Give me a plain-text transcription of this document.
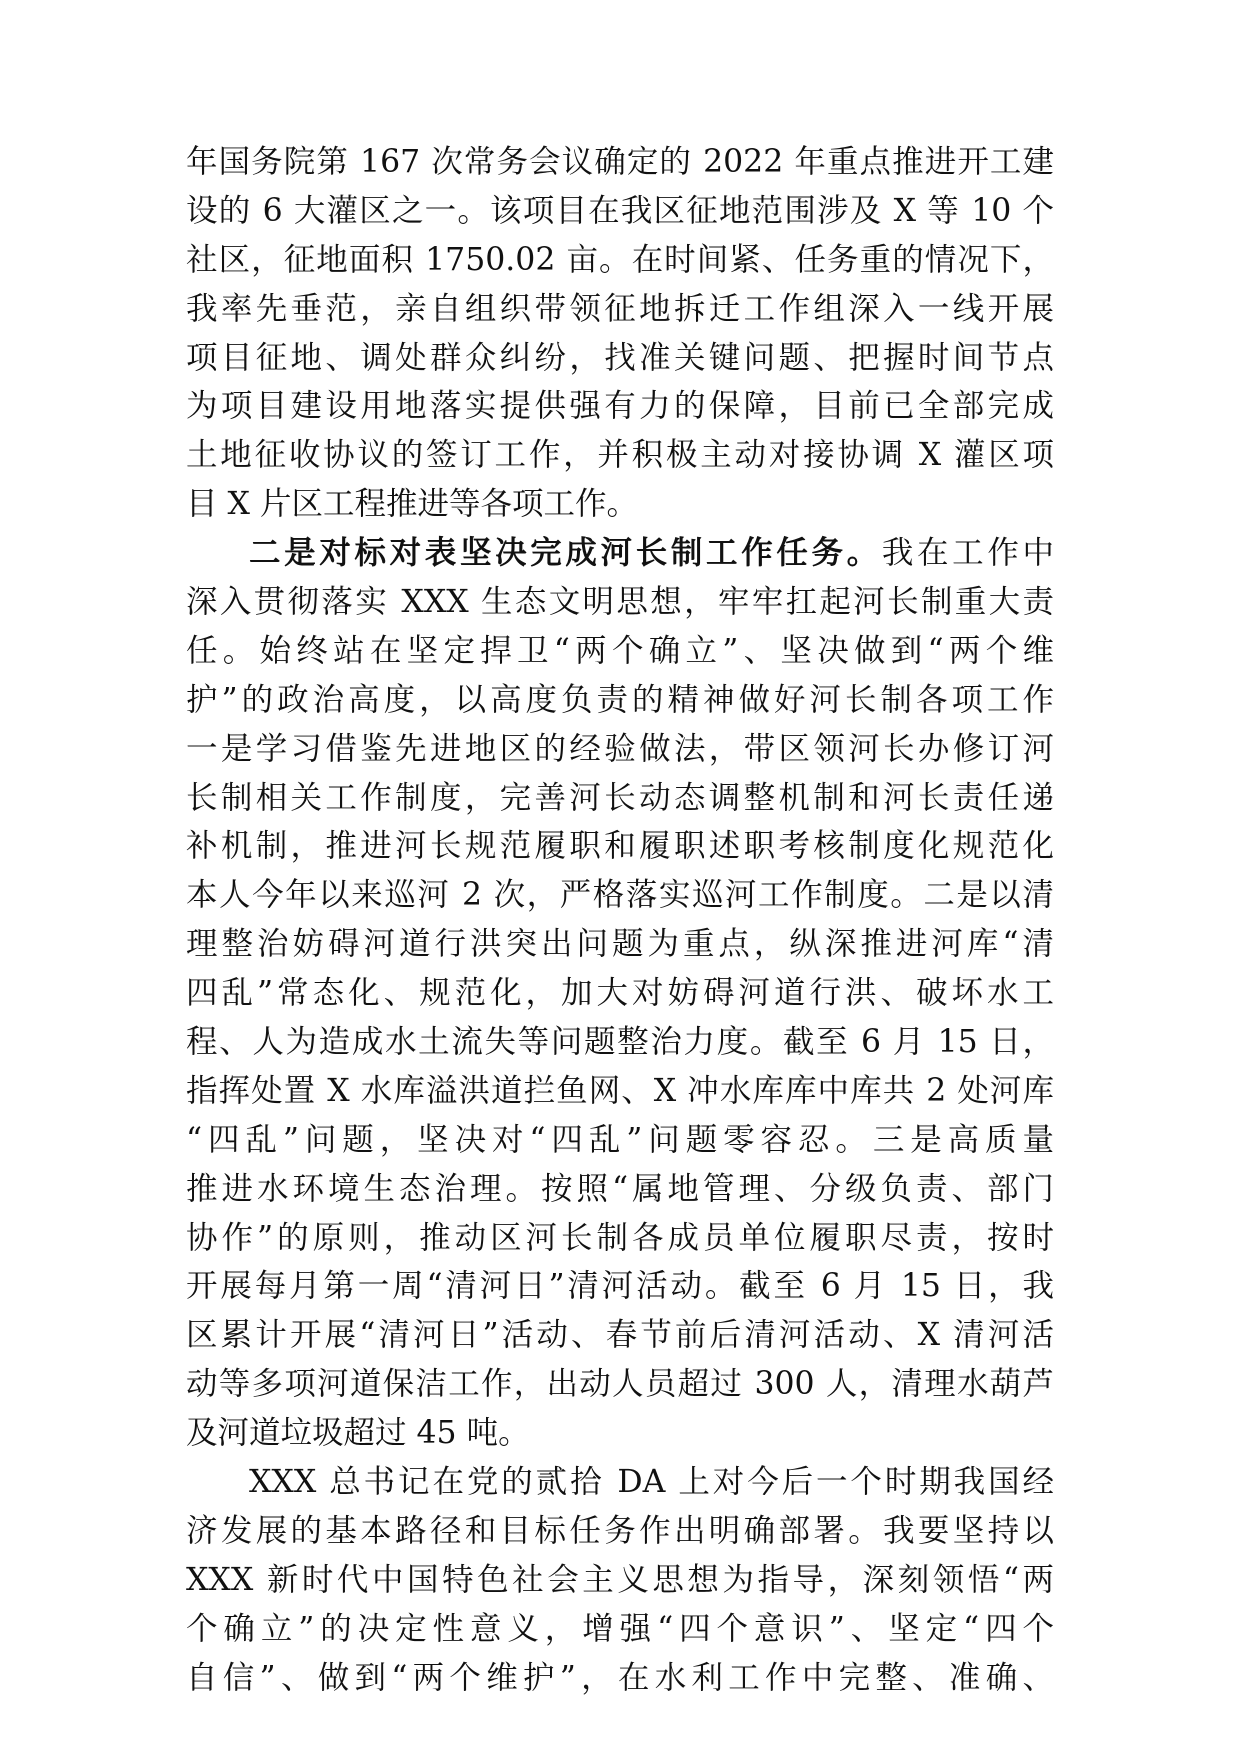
年国务院第 167 次常务会议确定的 2022 年重点推进开工建
设的 6 大灌区之一。该项目在我区征地范围涉及 X 等 10 个
社区，征地面积 1750.02 亩。在时间紧、任务重的情况下，
我率先垂范，亲自组织带领征地拆迁工作组深入一线开展
项目征地、调处群众纠纷，找准关键问题、把握时间节点
为项目建设用地落实提供强有力的保障，目前已全部完成
土地征收协议的签订工作，并积极主动对接协调 X 灌区项
目 X 片区工程推进等各项工作。
二是对标对表坚决完成河长制工作任务。我在工作中
深入贯彻落实 XXX 生态文明思想，牢牢扛起河长制重大责
任。始终站在坚定捍卫“两个确立”、坚决做到“两个维
护”的政治高度，以高度负责的精神做好河长制各项工作
一是学习借鉴先进地区的经验做法，带区领河长办修订河
长制相关工作制度，完善河长动态调整机制和河长责任递
补机制，推进河长规范履职和履职述职考核制度化规范化
本人今年以来巡河 2 次，严格落实巡河工作制度。二是以清
理整治妨碍河道行洪突出问题为重点，纵深推进河库“清
四乱”常态化、规范化，加大对妨碍河道行洪、破坏水工
程、人为造成水土流失等问题整治力度。截至 6 月 15 日，
指挥处置 X 水库溢洪道拦鱼网、X 冲水库库中库共 2 处河库
“四乱”问题，坚决对“四乱”问题零容忍。三是高质量
推进水环境生态治理。按照“属地管理、分级负责、部门
协作”的原则，推动区河长制各成员单位履职尽责，按时
开展每月第一周“清河日”清河活动。截至 6 月 15 日，我
区累计开展“清河日”活动、春节前后清河活动、X 清河活
动等多项河道保洁工作，出动人员超过 300 人，清理水葫芦
及河道垃圾超过 45 吨。
XXX 总书记在党的贰拾 DA 上对今后一个时期我国经
济发展的基本路径和目标任务作出明确部署。我要坚持以
XXX 新时代中国特色社会主义思想为指导，深刻领悟“两
个确立”的决定性意义，增强“四个意识”、坚定“四个
自信”、做到“两个维护”，在水利工作中完整、准确、
